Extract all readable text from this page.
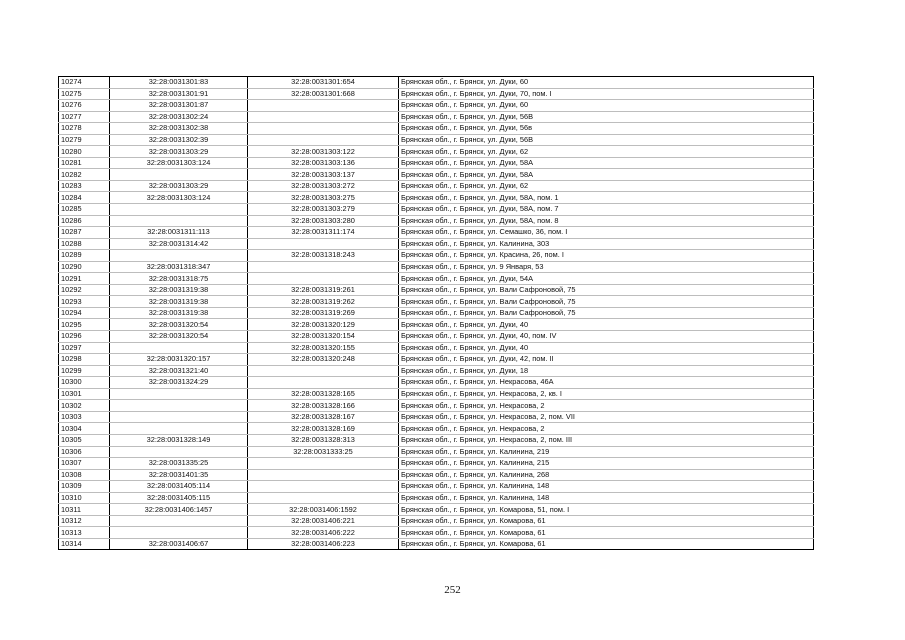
10274	32:28:0031301:83	32:28:0031301:654	Брянская обл., г. Брянск, ул. Дуки, 60
10275	32:28:0031301:91	32:28:0031301:668	Брянская обл., г. Брянск, ул. Дуки, 70, пом. I
10276	32:28:0031301:87		Брянская обл., г. Брянск, ул. Дуки, 60
10277	32:28:0031302:24		Брянская обл., г. Брянск, ул. Дуки, 56В
10278	32:28:0031302:38		Брянская обл., г. Брянск, ул. Дуки, 56в
10279	32:28:0031302:39		Брянская обл., г. Брянск, ул. Дуки, 56В
10280	32:28:0031303:29	32:28:0031303:122	Брянская обл., г. Брянск, ул. Дуки, 62
10281	32:28:0031303:124	32:28:0031303:136	Брянская обл., г. Брянск, ул. Дуки, 58А
10282		32:28:0031303:137	Брянская обл., г. Брянск, ул. Дуки, 58А
10283	32:28:0031303:29	32:28:0031303:272	Брянская обл., г. Брянск, ул. Дуки, 62
10284	32:28:0031303:124	32:28:0031303:275	Брянская обл., г. Брянск, ул. Дуки, 58А, пом. 1
10285		32:28:0031303:279	Брянская обл., г. Брянск, ул. Дуки, 58А, пом. 7
10286		32:28:0031303:280	Брянская обл., г. Брянск, ул. Дуки, 58А, пом. 8
10287	32:28:0031311:113	32:28:0031311:174	Брянская обл., г. Брянск, ул. Семашко, 36, пом. I
10288	32:28:0031314:42		Брянская обл., г. Брянск, ул. Калинина, 303
10289		32:28:0031318:243	Брянская обл., г. Брянск, ул. Красина, 26, пом. I
10290	32:28:0031318:347		Брянская обл., г. Брянск, ул. 9 Января, 53
10291	32:28:0031318:75		Брянская обл., г. Брянск, ул. Дуки, 54А
10292	32:28:0031319:38	32:28:0031319:261	Брянская обл., г. Брянск, ул. Вали Сафроновой, 75
10293	32:28:0031319:38	32:28:0031319:262	Брянская обл., г. Брянск, ул. Вали Сафроновой, 75
10294	32:28:0031319:38	32:28:0031319:269	Брянская обл., г. Брянск, ул. Вали Сафроновой, 75
10295	32:28:0031320:54	32:28:0031320:129	Брянская обл., г. Брянск, ул. Дуки, 40
10296	32:28:0031320:54	32:28:0031320:154	Брянская обл., г. Брянск, ул. Дуки, 40, пом. IV
10297		32:28:0031320:155	Брянская обл., г. Брянск, ул. Дуки, 40
10298	32:28:0031320:157	32:28:0031320:248	Брянская обл., г. Брянск, ул. Дуки, 42, пом. II
10299	32:28:0031321:40		Брянская обл., г. Брянск, ул. Дуки, 18
10300	32:28:0031324:29		Брянская обл., г. Брянск, ул. Некрасова, 46А
10301		32:28:0031328:165	Брянская обл., г. Брянск, ул. Некрасова, 2, кв. I
10302		32:28:0031328:166	Брянская обл., г. Брянск, ул. Некрасова, 2
10303		32:28:0031328:167	Брянская обл., г. Брянск, ул. Некрасова, 2, пом. VII
10304		32:28:0031328:169	Брянская обл., г. Брянск, ул. Некрасова, 2
10305	32:28:0031328:149	32:28:0031328:313	Брянская обл., г. Брянск, ул. Некрасова, 2, пом. III
10306		32:28:0031333:25	Брянская обл., г. Брянск, ул. Калинина, 219
10307	32:28:0031335:25		Брянская обл., г. Брянск, ул. Калинина, 215
10308	32:28:0031401:35		Брянская обл., г. Брянск, ул. Калинина, 268
10309	32:28:0031405:114		Брянская обл., г. Брянск, ул. Калинина, 148
10310	32:28:0031405:115		Брянская обл., г. Брянск, ул. Калинина, 148
10311	32:28:0031406:1457	32:28:0031406:1592	Брянская обл., г. Брянск, ул. Комарова, 51, пом. I
10312		32:28:0031406:221	Брянская обл., г. Брянск, ул. Комарова, 61
10313		32:28:0031406:222	Брянская обл., г. Брянск, ул. Комарова, 61
10314	32:28:0031406:67	32:28:0031406:223	Брянская обл., г. Брянск, ул. Комарова, 61
252
